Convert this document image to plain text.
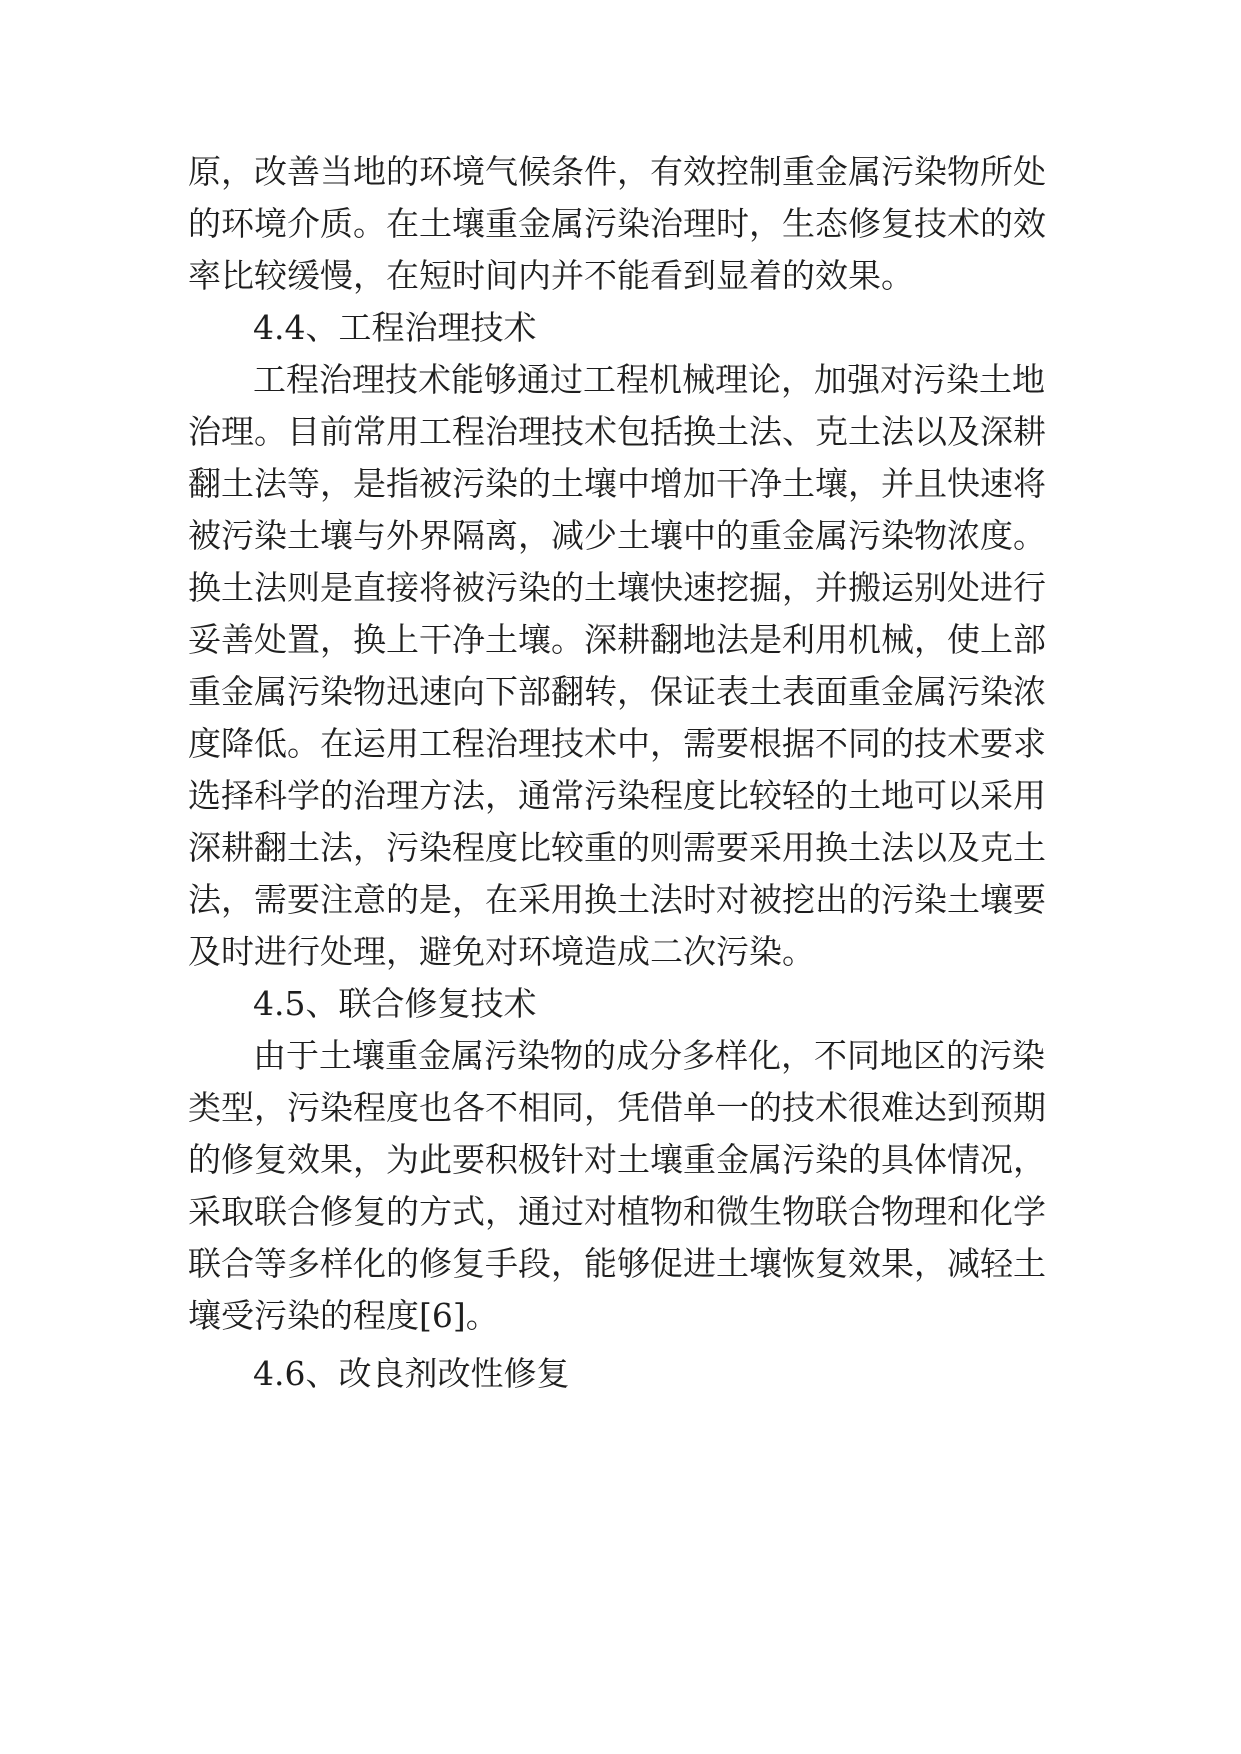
原，改善当地的环境气候条件，有效控制重金属污染物所处
的环境介质。在土壤重金属污染治理时，生态修复技术的效
率比较缓慢，在短时间内并不能看到显着的效果。
4.4、工程治理技术
工程治理技术能够通过工程机械理论，加强对污染土地
治理。目前常用工程治理技术包括换土法、克土法以及深耕
翻土法等，是指被污染的土壤中增加干净土壤，并且快速将
被污染土壤与外界隔离，减少土壤中的重金属污染物浓度。
换土法则是直接将被污染的土壤快速挖掘，并搬运别处进行
妥善处置，换上干净土壤。深耕翻地法是利用机械，使上部
重金属污染物迅速向下部翻转，保证表土表面重金属污染浓
度降低。在运用工程治理技术中，需要根据不同的技术要求
选择科学的治理方法，通常污染程度比较轻的土地可以采用
深耕翻土法，污染程度比较重的则需要采用换土法以及克土
法，需要注意的是，在采用换土法时对被挖出的污染土壤要
及时进行处理，避免对环境造成二次污染。
4.5、联合修复技术
由于土壤重金属污染物的成分多样化，不同地区的污染
类型，污染程度也各不相同，凭借单一的技术很难达到预期
的修复效果，为此要积极针对土壤重金属污染的具体情况，
采取联合修复的方式，通过对植物和微生物联合物理和化学
联合等多样化的修复手段，能够促进土壤恢复效果，减轻土
壤受污染的程度[6]。
4.6、改良剂改性修复
